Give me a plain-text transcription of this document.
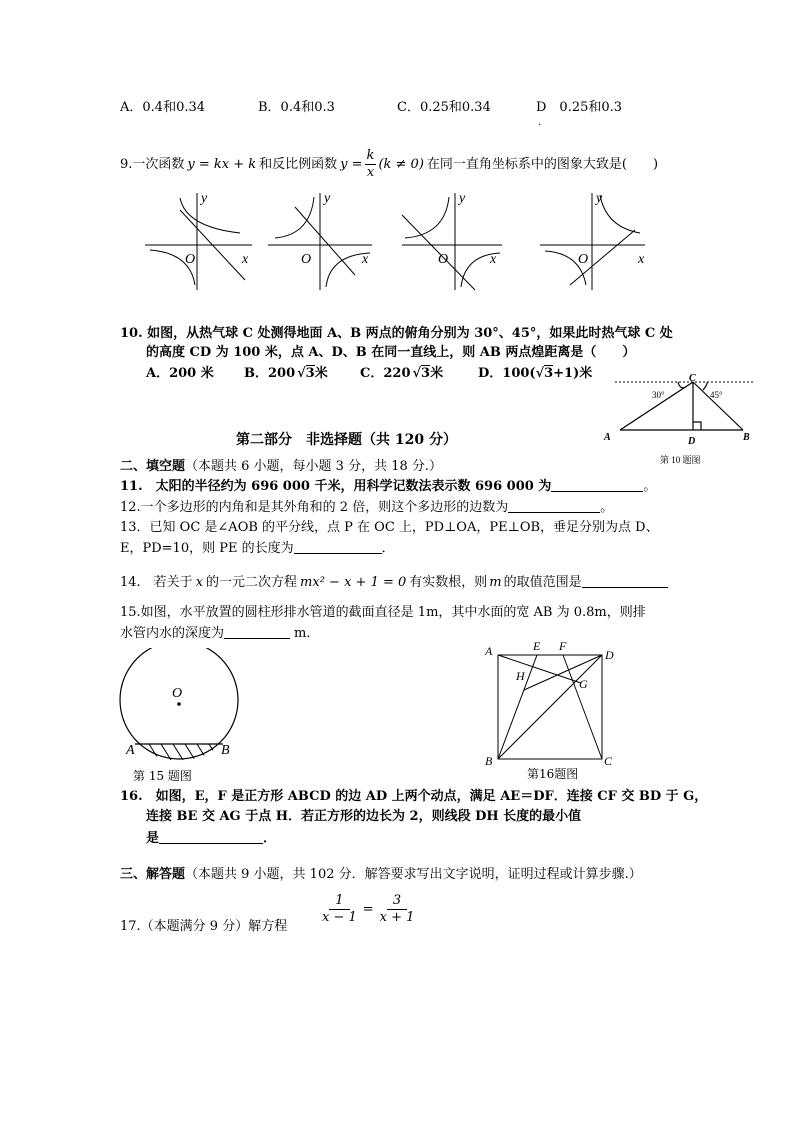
A．0.4和0.34	B．0.4和0.3	C．0.25和0.34	D　0.25和0.3
·
9.一次函数 y = kx + k 和反比例函数 $y = \frac{k}{x} (k \ne 0)$ 在同一直角坐标系中的图象大致是(　　)
y
x
O
y
x
O
y
x
O
y
x
O
10. 如图，从热气球 C 处测得地面 A、B 两点的俯角分别为 30°、45°，如果此时热气球 C 处
的高度 CD 为 100 米，点 A、D、B 在同一直线上，则 AB 两点煌距离是（　　）
A．200 米 B．200 √3米 C．220 √3米	D．100(√3+1)米	C
A	D	B
30°	45°
第 10 题图
第二部分　非选择题（共 120 分）
二、填空题（本题共 6 小题，每小题 3 分，共 18 分.）
11.　太阳的半径约为 696 000 千米，用科学记数法表示数 696 000 为	。
12.一个多边形的内角和是其外角和的 2 倍，则这个多边形的边数为	。
13．已知 OC 是∠AOB 的平分线，点 P 在 OC 上，PD⊥OA，PE⊥OB，垂足分别为点 D、
E，PD=10，则 PE 的长度为	．
14.　若关于 x 的一元二次方程 mx² − x + 1 = 0 有实数根，则 m 的取值范围是
15.如图，水平放置的圆柱形排水管道的截面直径是 1m，其中水面的宽 AB 为 0.8m，则排
水管内水的深度为	m．
O
A	B
第 15 题图
A	E F
D
H
G
B	C
第16题图
16.　如图，E，F 是正方形 ABCD 的边 AD 上两个动点，满足 AE＝DF．连接 CF 交 BD 于 G，
连接 BE 交 AG 于点 H．若正方形的边长为 2，则线段 DH 长度的最小值
是	．
三、解答题（本题共 9 小题，共 102 分．解答要求写出文字说明，证明过程或计算步骤.）
17.（本题满分 9 分）解方程
$\frac{1}{x - 1} = \frac{3}{x + 1}$
